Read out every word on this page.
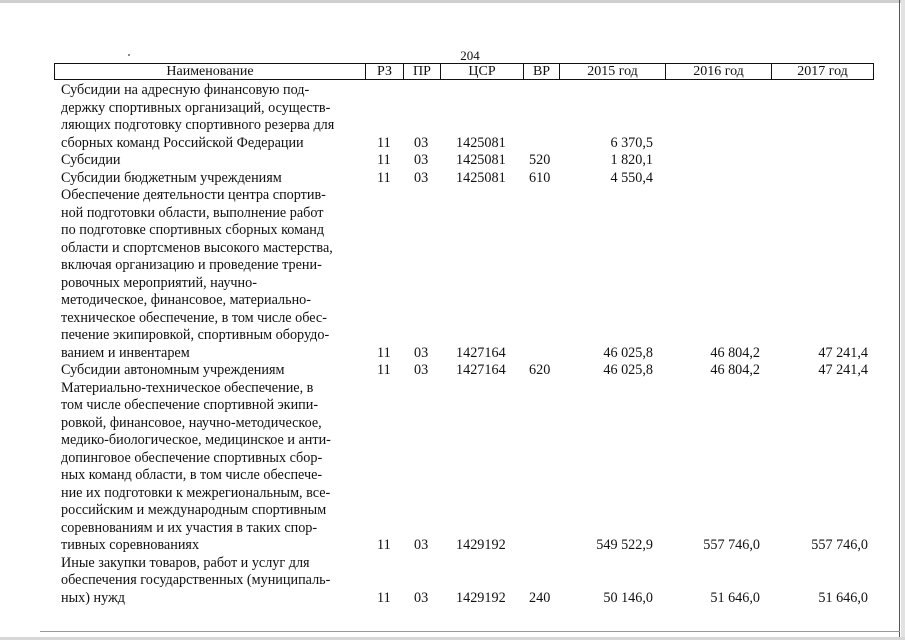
204
Наименование	РЗ	ПР	ЦСР	ВР	2015 год	2016 год	2017 год
Субсидии на адресную финансовую под-
держку спортивных организаций, осуществ-
ляющих подготовку спортивного резерва для
сборных команд Российской Федерации	11 03 1425081	6 370,5
Субсидии	11 03 1425081 520	1 820,1
Субсидии бюджетным учреждениям	11 03 1425081 610	4 550,4
Обеспечение деятельности центра спортив-
ной подготовки области, выполнение работ
по подготовке спортивных сборных команд
области и спортсменов высокого мастерства,
включая организацию и проведение трени-
ровочных мероприятий, научно-
методическое, финансовое, материально-
техническое обеспечение, в том числе обес-
печение экипировкой, спортивным оборудо-
ванием и инвентарем	11 03 1427164	46 025,8	46 804,2	47 241,4
Субсидии автономным учреждениям	11 03 1427164 620	46 025,8	46 804,2	47 241,4
Материально-техническое обеспечение, в
том числе обеспечение спортивной экипи-
ровкой, финансовое, научно-методическое,
медико-биологическое, медицинское и анти-
допинговое обеспечение спортивных сбор-
ных команд области, в том числе обеспече-
ние их подготовки к межрегиональным, все-
российским и международным спортивным
соревнованиям и их участия в таких спор-
тивных соревнованиях	11 03 1429192	549 522,9	557 746,0	557 746,0
Иные закупки товаров, работ и услуг для
обеспечения государственных (муниципаль-
ных) нужд	11 03 1429192 240	50 146,0	51 646,0	51 646,0
